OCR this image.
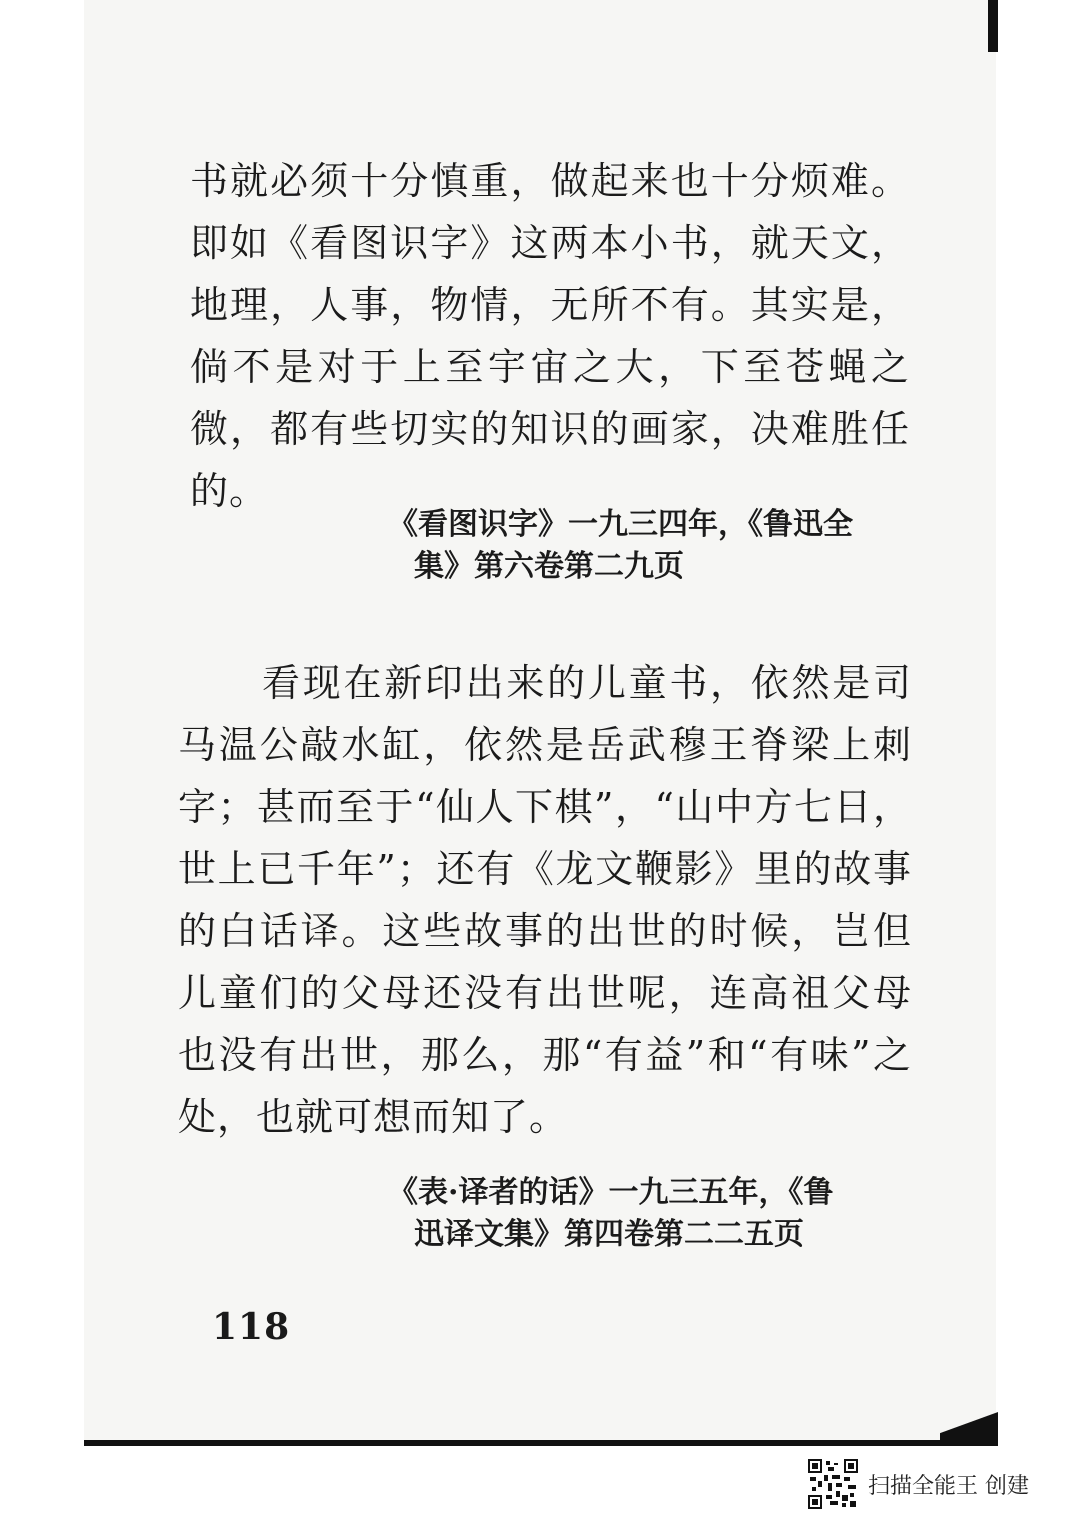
书就必须十分慎重，做起来也十分烦难。即如《看图识字》这两本小书，就天文，地理，人事，物情，无所不有。其实是，倘不是对于上至宇宙之大，下至苍蝇之微，都有些切实的知识的画家，决难胜任的。

《看图识字》一九三四年，《鲁迅全
集》第六卷第二九页

看现在新印出来的儿童书，依然是司马温公敲水缸，依然是岳武穆王脊梁上刺字；甚而至于“仙人下棋”，“山中方七日，世上已千年”；还有《龙文鞭影》里的故事的白话译。这些故事的出世的时候，岂但儿童们的父母还没有出世呢，连高祖父母也没有出世，那么，那“有益”和“有味”之处，也就可想而知了。

《表·译者的话》一九三五年，《鲁
迅译文集》第四卷第二二五页

118
扫描全能王 创建
